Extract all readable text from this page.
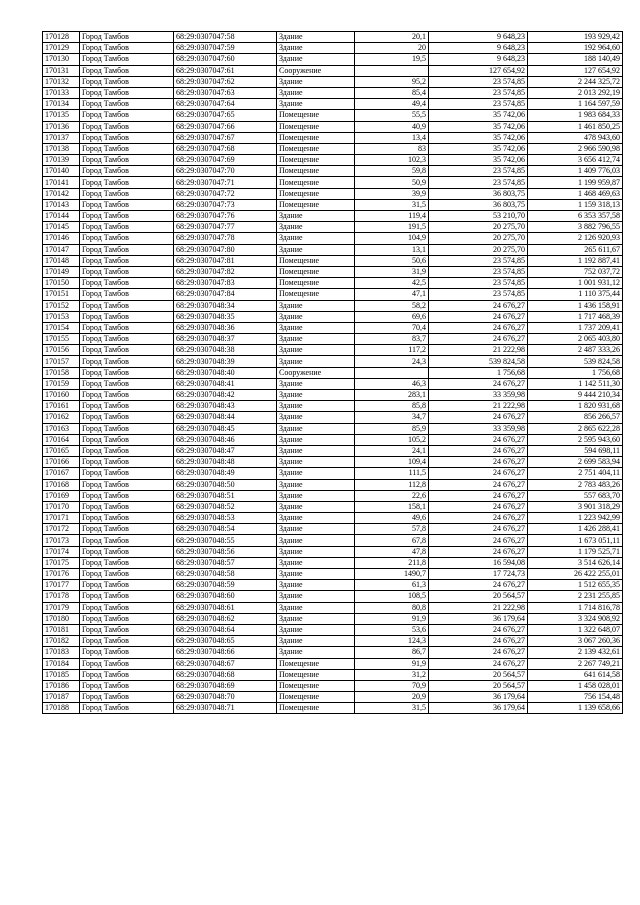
170128	Город Тамбов	68:29:0307047:58	Здание	20,1	9 648,23	193 929,42
170129	Город Тамбов	68:29:0307047:59	Здание	20	9 648,23	192 964,60
170130	Город Тамбов	68:29:0307047:60	Здание	19,5	9 648,23	188 140,49
170131	Город Тамбов	68:29:0307047:61	Сооружение		127 654,92	127 654,92
170132	Город Тамбов	68:29:0307047:62	Здание	95,2	23 574,85	2 244 325,72
170133	Город Тамбов	68:29:0307047:63	Здание	85,4	23 574,85	2 013 292,19
170134	Город Тамбов	68:29:0307047:64	Здание	49,4	23 574,85	1 164 597,59
170135	Город Тамбов	68:29:0307047:65	Помещение	55,5	35 742,06	1 983 684,33
170136	Город Тамбов	68:29:0307047:66	Помещение	40,9	35 742,06	1 461 850,25
170137	Город Тамбов	68:29:0307047:67	Помещение	13,4	35 742,06	478 943,60
170138	Город Тамбов	68:29:0307047:68	Помещение	83	35 742,06	2 966 590,98
170139	Город Тамбов	68:29:0307047:69	Помещение	102,3	35 742,06	3 656 412,74
170140	Город Тамбов	68:29:0307047:70	Помещение	59,8	23 574,85	1 409 776,03
170141	Город Тамбов	68:29:0307047:71	Помещение	50,9	23 574,85	1 199 959,87
170142	Город Тамбов	68:29:0307047:72	Помещение	39,9	36 803,75	1 468 469,63
170143	Город Тамбов	68:29:0307047:73	Помещение	31,5	36 803,75	1 159 318,13
170144	Город Тамбов	68:29:0307047:76	Здание	119,4	53 210,70	6 353 357,58
170145	Город Тамбов	68:29:0307047:77	Здание	191,5	20 275,70	3 882 796,55
170146	Город Тамбов	68:29:0307047:78	Здание	104,9	20 275,70	2 126 920,93
170147	Город Тамбов	68:29:0307047:80	Здание	13,1	20 275,70	265 611,67
170148	Город Тамбов	68:29:0307047:81	Помещение	50,6	23 574,85	1 192 887,41
170149	Город Тамбов	68:29:0307047:82	Помещение	31,9	23 574,85	752 037,72
170150	Город Тамбов	68:29:0307047:83	Помещение	42,5	23 574,85	1 001 931,12
170151	Город Тамбов	68:29:0307047:84	Помещение	47,1	23 574,85	1 110 375,44
170152	Город Тамбов	68:29:0307048:34	Здание	58,2	24 676,27	1 436 158,91
170153	Город Тамбов	68:29:0307048:35	Здание	69,6	24 676,27	1 717 468,39
170154	Город Тамбов	68:29:0307048:36	Здание	70,4	24 676,27	1 737 209,41
170155	Город Тамбов	68:29:0307048:37	Здание	83,7	24 676,27	2 065 403,80
170156	Город Тамбов	68:29:0307048:38	Здание	117,2	21 222,98	2 487 333,26
170157	Город Тамбов	68:29:0307048:39	Здание	24,3	539 824,58	539 824,58
170158	Город Тамбов	68:29:0307048:40	Сооружение		1 756,68	1 756,68
170159	Город Тамбов	68:29:0307048:41	Здание	46,3	24 676,27	1 142 511,30
170160	Город Тамбов	68:29:0307048:42	Здание	283,1	33 359,98	9 444 210,34
170161	Город Тамбов	68:29:0307048:43	Здание	85,8	21 222,98	1 820 931,68
170162	Город Тамбов	68:29:0307048:44	Здание	34,7	24 676,27	856 266,57
170163	Город Тамбов	68:29:0307048:45	Здание	85,9	33 359,98	2 865 622,28
170164	Город Тамбов	68:29:0307048:46	Здание	105,2	24 676,27	2 595 943,60
170165	Город Тамбов	68:29:0307048:47	Здание	24,1	24 676,27	594 698,11
170166	Город Тамбов	68:29:0307048:48	Здание	109,4	24 676,27	2 699 583,94
170167	Город Тамбов	68:29:0307048:49	Здание	111,5	24 676,27	2 751 404,11
170168	Город Тамбов	68:29:0307048:50	Здание	112,8	24 676,27	2 783 483,26
170169	Город Тамбов	68:29:0307048:51	Здание	22,6	24 676,27	557 683,70
170170	Город Тамбов	68:29:0307048:52	Здание	158,1	24 676,27	3 901 318,29
170171	Город Тамбов	68:29:0307048:53	Здание	49,6	24 676,27	1 223 942,99
170172	Город Тамбов	68:29:0307048:54	Здание	57,8	24 676,27	1 426 288,41
170173	Город Тамбов	68:29:0307048:55	Здание	67,8	24 676,27	1 673 051,11
170174	Город Тамбов	68:29:0307048:56	Здание	47,8	24 676,27	1 179 525,71
170175	Город Тамбов	68:29:0307048:57	Здание	211,8	16 594,08	3 514 626,14
170176	Город Тамбов	68:29:0307048:58	Здание	1490,7	17 724,73	26 422 255,01
170177	Город Тамбов	68:29:0307048:59	Здание	61,3	24 676,27	1 512 655,35
170178	Город Тамбов	68:29:0307048:60	Здание	108,5	20 564,57	2 231 255,85
170179	Город Тамбов	68:29:0307048:61	Здание	80,8	21 222,98	1 714 816,78
170180	Город Тамбов	68:29:0307048:62	Здание	91,9	36 179,64	3 324 908,92
170181	Город Тамбов	68:29:0307048:64	Здание	53,6	24 676,27	1 322 648,07
170182	Город Тамбов	68:29:0307048:65	Здание	124,3	24 676,27	3 067 260,36
170183	Город Тамбов	68:29:0307048:66	Здание	86,7	24 676,27	2 139 432,61
170184	Город Тамбов	68:29:0307048:67	Помещение	91,9	24 676,27	2 267 749,21
170185	Город Тамбов	68:29:0307048:68	Помещение	31,2	20 564,57	641 614,58
170186	Город Тамбов	68:29:0307048:69	Помещение	70,9	20 564,57	1 458 028,01
170187	Город Тамбов	68:29:0307048:70	Помещение	20,9	36 179,64	756 154,48
170188	Город Тамбов	68:29:0307048:71	Помещение	31,5	36 179,64	1 139 658,66
